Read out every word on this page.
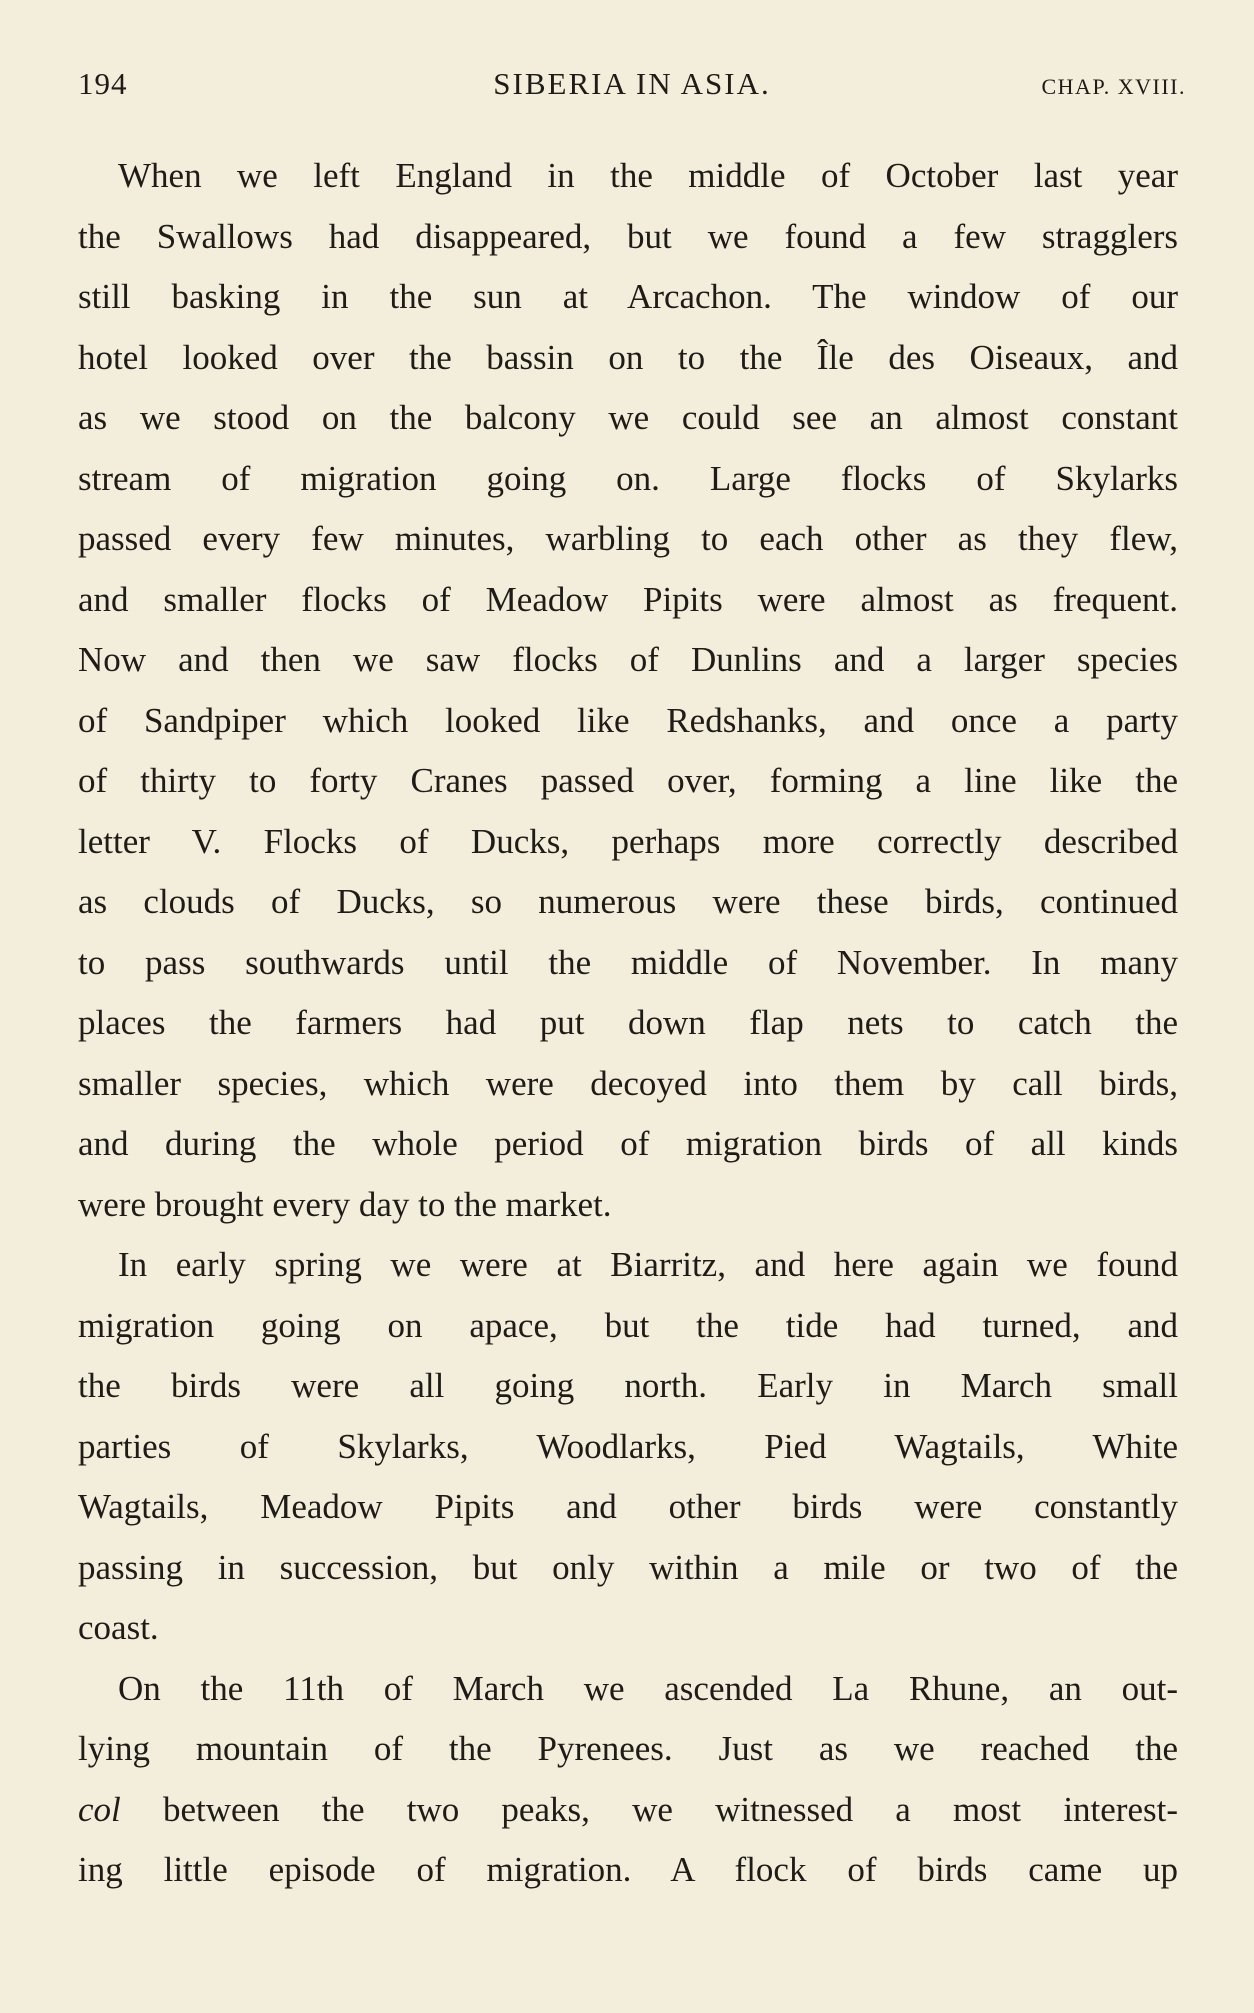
194	SIBERIA IN ASIA.	CHAP. XVIII.
When we left England in the middle of October last year
the Swallows had disappeared, but we found a few stragglers
still basking in the sun at Arcachon. The window of our
hotel looked over the bassin on to the Île des Oiseaux, and
as we stood on the balcony we could see an almost constant
stream of migration going on. Large flocks of Skylarks
passed every few minutes, warbling to each other as they flew,
and smaller flocks of Meadow Pipits were almost as frequent.
Now and then we saw flocks of Dunlins and a larger species
of Sandpiper which looked like Redshanks, and once a party
of thirty to forty Cranes passed over, forming a line like the
letter V. Flocks of Ducks, perhaps more correctly described
as clouds of Ducks, so numerous were these birds, continued
to pass southwards until the middle of November. In many
places the farmers had put down flap nets to catch the
smaller species, which were decoyed into them by call birds,
and during the whole period of migration birds of all kinds
were brought every day to the market.
In early spring we were at Biarritz, and here again we found
migration going on apace, but the tide had turned, and
the birds were all going north. Early in March small
parties of Skylarks, Woodlarks, Pied Wagtails, White
Wagtails, Meadow Pipits and other birds were constantly
passing in succession, but only within a mile or two of the
coast.
On the 11th of March we ascended La Rhune, an out-
lying mountain of the Pyrenees. Just as we reached the
col between the two peaks, we witnessed a most interest-
ing little episode of migration. A flock of birds came up
